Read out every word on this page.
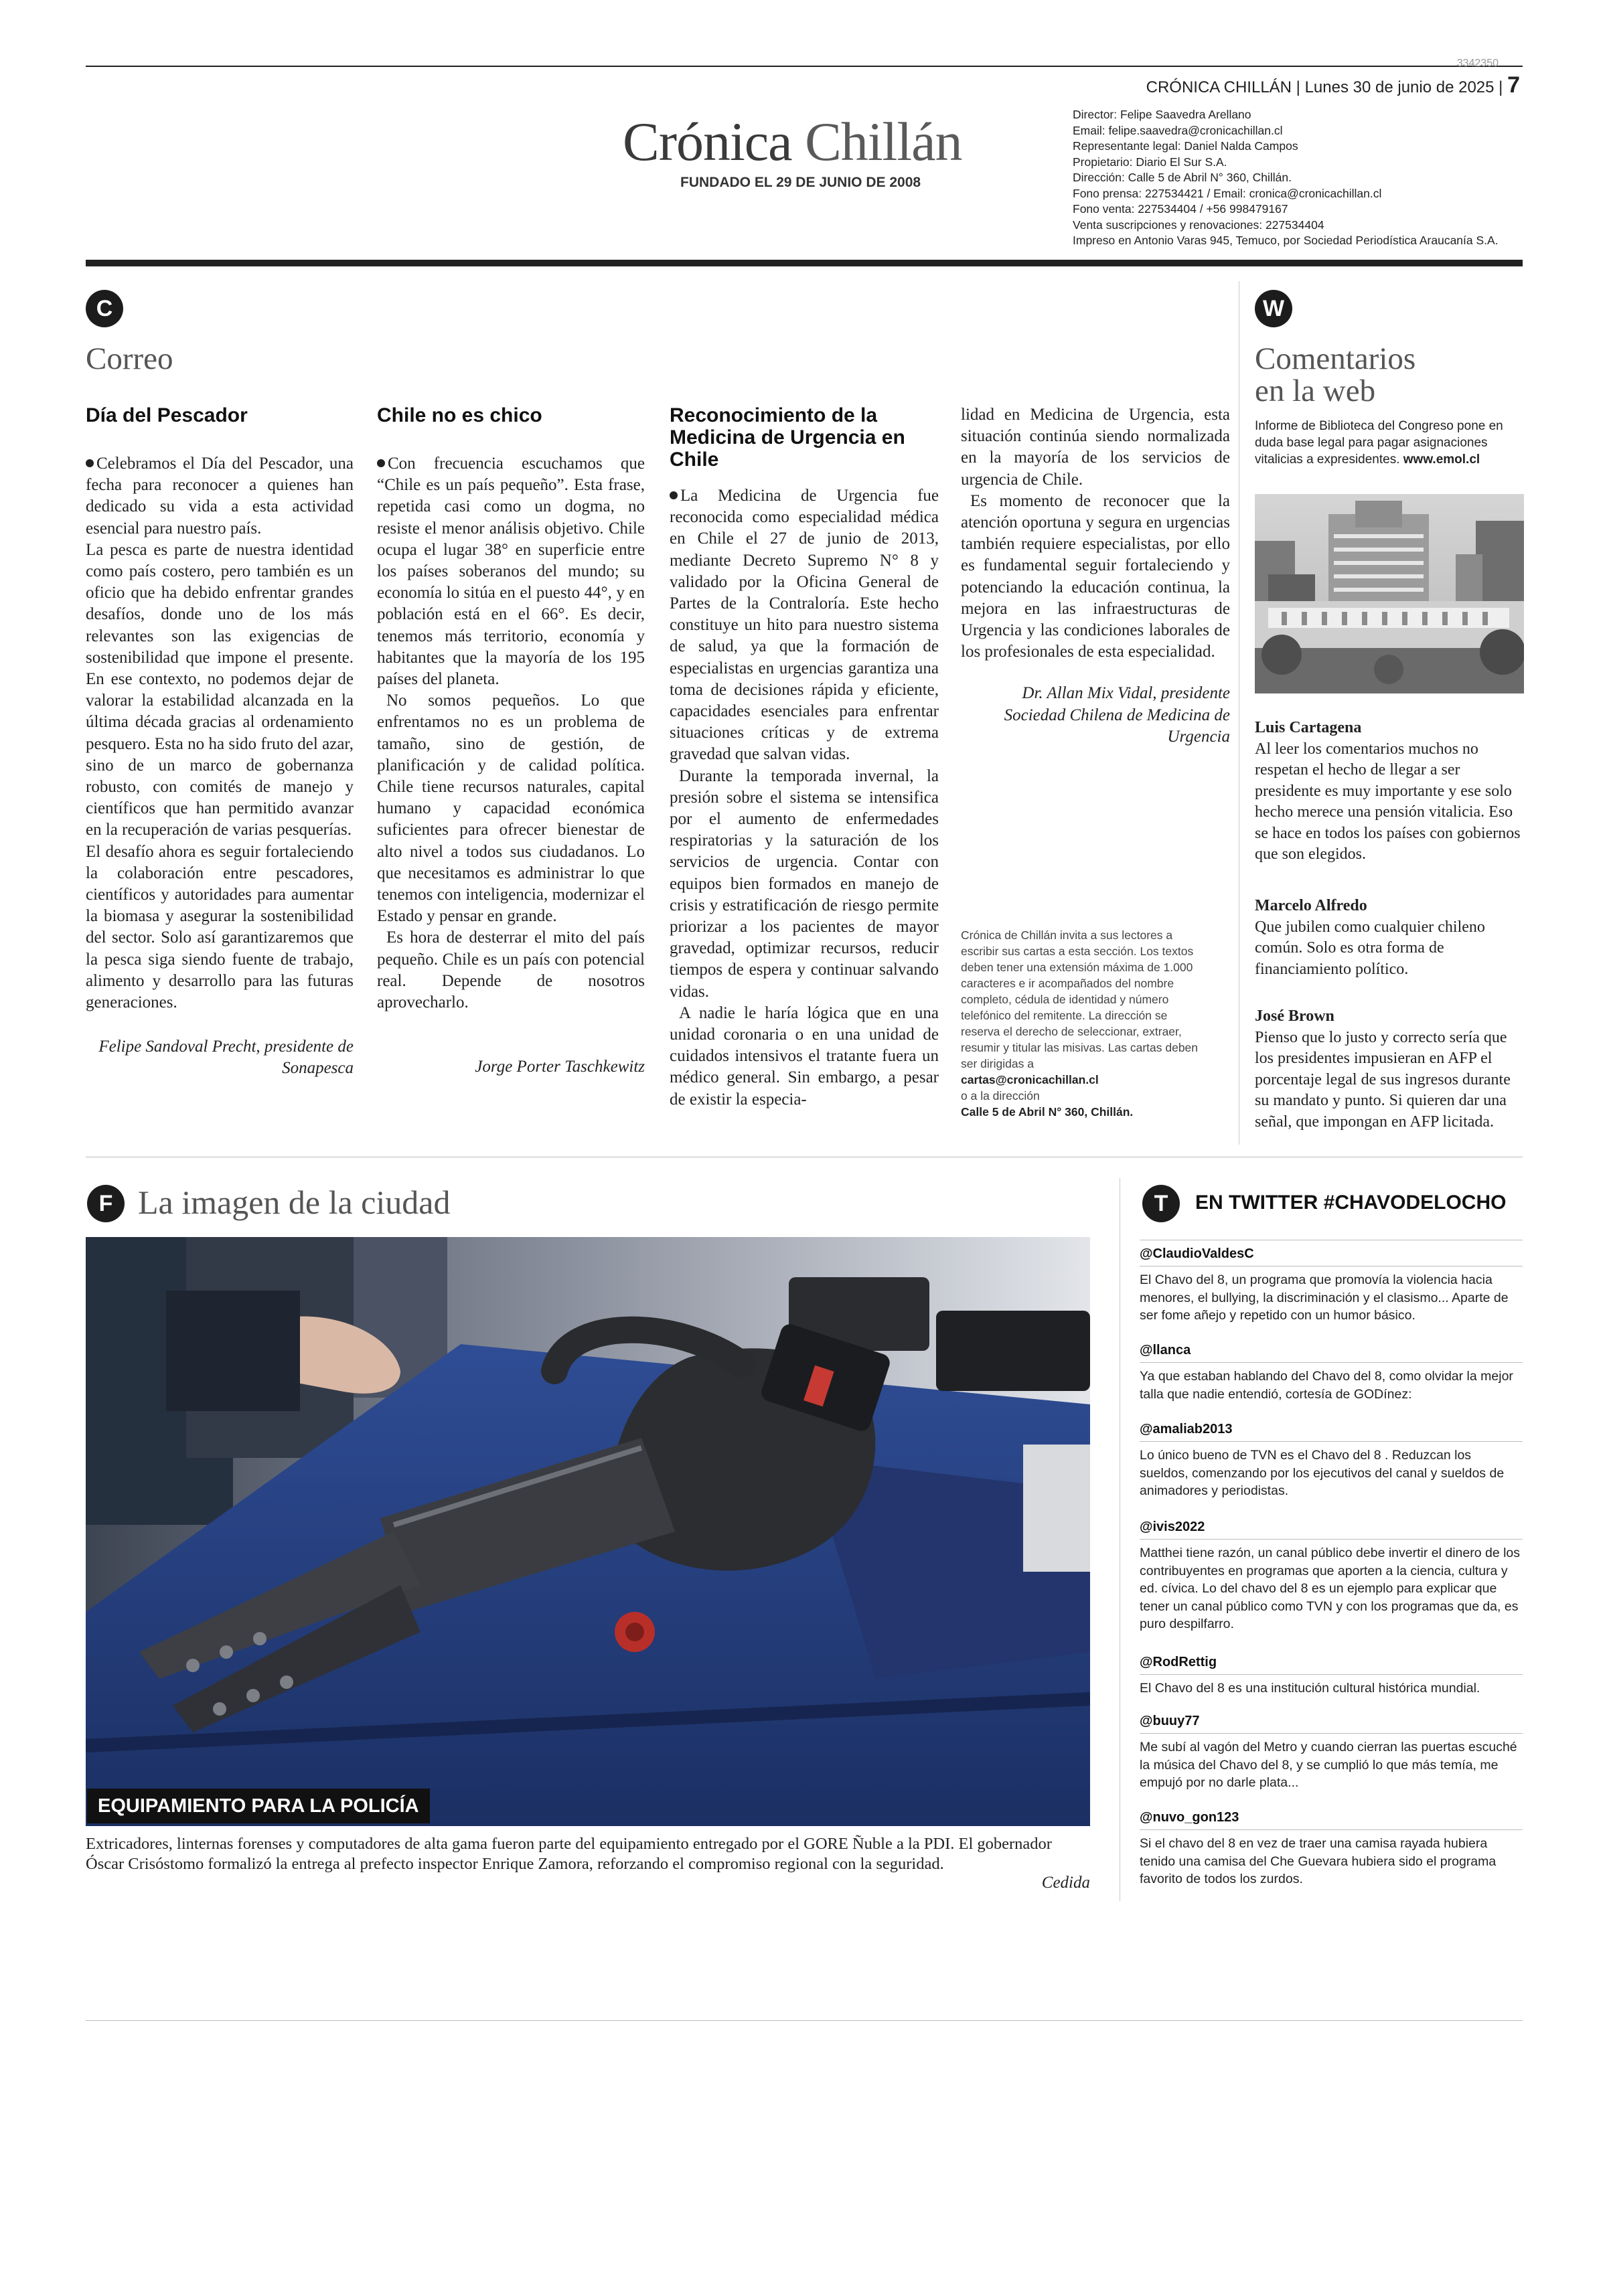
3342350
CRÓNICA CHILLÁN | Lunes 30 de junio de 2025 | 7
Crónica Chillán
FUNDADO EL 29 DE JUNIO DE 2008
Director: Felipe Saavedra Arellano
Email: felipe.saavedra@cronicachillan.cl
Representante legal: Daniel Nalda Campos
Propietario: Diario El Sur S.A.
Dirección: Calle 5 de Abril N° 360, Chillán.
Fono prensa: 227534421 / Email: cronica@cronicachillan.cl
Fono venta: 227534404 / +56 998479167
Venta suscripciones y renovaciones: 227534404
Impreso en Antonio Varas 945, Temuco, por Sociedad Periodística Araucanía S.A.
C
Correo
Día del Pescador

Celebramos el Día del Pescador, una fecha para reconocer a quienes han dedicado su vida a esta actividad esencial para nuestro país.

La pesca es parte de nuestra identidad como país costero, pero también es un oficio que ha debido enfrentar grandes desafíos, donde uno de los más relevantes son las exigencias de sostenibilidad que impone el presente. En ese contexto, no podemos dejar de valorar la estabilidad alcanzada en la última década gracias al ordenamiento pesquero. Esta no ha sido fruto del azar, sino de un marco de gobernanza robusto, con comités de manejo y científicos que han permitido avanzar en la recuperación de varias pesquerías.

El desafío ahora es seguir fortaleciendo la colaboración entre pescadores, científicos y autoridades para aumentar la biomasa y asegurar la sostenibilidad del sector. Solo así garantizaremos que la pesca siga siendo fuente de trabajo, alimento y desarrollo para las futuras generaciones.

Felipe Sandoval Precht, presidente de Sonapesca

Chile no es chico

Con frecuencia escuchamos que “Chile es un país pequeño”. Esta frase, repetida casi como un dogma, no resiste el menor análisis objetivo. Chile ocupa el lugar 38° en superficie entre los países soberanos del mundo; su economía lo sitúa en el puesto 44°, y en población está en el 66°. Es decir, tenemos más territorio, economía y habitantes que la mayoría de los 195 países del planeta.

No somos pequeños. Lo que enfrentamos no es un problema de tamaño, sino de gestión, de planificación y de calidad política. Chile tiene recursos naturales, capital humano y capacidad económica suficientes para ofrecer bienestar de alto nivel a todos sus ciudadanos. Lo que necesitamos es administrar lo que tenemos con inteligencia, modernizar el Estado y pensar en grande.

Es hora de desterrar el mito del país pequeño. Chile es un país con potencial real. Depende de nosotros aprovecharlo.

Jorge Porter Taschkewitz

Reconocimiento de la Medicina de Urgencia en Chile

La Medicina de Urgencia fue reconocida como especialidad médica en Chile el 27 de junio de 2013, mediante Decreto Supremo N° 8 y validado por la Oficina General de Partes de la Contraloría. Este hecho constituye un hito para nuestro sistema de salud, ya que la formación de especialistas en urgencias garantiza una toma de decisiones rápida y eficiente, capacidades esenciales para enfrentar situaciones críticas y de extrema gravedad que salvan vidas.

Durante la temporada invernal, la presión sobre el sistema se intensifica por el aumento de enfermedades respiratorias y la saturación de los servicios de urgencia. Contar con equipos bien formados en manejo de crisis y estratificación de riesgo permite priorizar a los pacientes de mayor gravedad, optimizar recursos, reducir tiempos de espera y continuar salvando vidas.

A nadie le haría lógica que en una unidad coronaria o en una unidad de cuidados intensivos el tratante fuera un médico general. Sin embargo, a pesar de existir la especia-

lidad en Medicina de Urgencia, esta situación continúa siendo normalizada en la mayoría de los servicios de urgencia de Chile.

Es momento de reconocer que la atención oportuna y segura en urgencias también requiere especialistas, por ello es fundamental seguir fortaleciendo y potenciando la educación continua, la mejora en las infraestructuras de Urgencia y las condiciones laborales de los profesionales de esta especialidad.

Dr. Allan Mix Vidal, presidente Sociedad Chilena de Medicina de Urgencia

Crónica de Chillán invita a sus lectores a escribir sus cartas a esta sección. Los textos deben tener una extensión máxima de 1.000 caracteres e ir acompañados del nombre completo, cédula de identidad y número telefónico del remitente. La dirección se reserva el derecho de seleccionar, extraer, resumir y titular las misivas. Las cartas deben ser dirigidas a
cartas@cronicachillan.cl
o a la dirección
Calle 5 de Abril N° 360, Chillán.
W
Comentarios
en la web
Informe de Biblioteca del Congreso pone en duda base legal para pagar asignaciones vitalicias a expresidentes. www.emol.cl
Luis Cartagena
Al leer los comentarios muchos no respetan el hecho de llegar a ser presidente es muy importante y ese solo hecho merece una pensión vitalicia. Eso se hace en todos los países con gobiernos que son elegidos.
Marcelo Alfredo
Que jubilen como cualquier chileno común. Solo es otra forma de financiamiento político.
José Brown
Pienso que lo justo y correcto sería que los presidentes impusieran en AFP el porcentaje legal de sus ingresos durante su mandato y punto. Si quieren dar una señal, que impongan en AFP licitada.
F La imagen de la ciudad
EQUIPAMIENTO PARA LA POLICÍA
Extricadores, linternas forenses y computadores de alta gama fueron parte del equipamiento entregado por el GORE Ñuble a la PDI. El gobernador Óscar Crisóstomo formalizó la entrega al prefecto inspector Enrique Zamora, reforzando el compromiso regional con la seguridad.
Cedida
T	EN TWITTER #CHAVODELOCHO
@ClaudioValdesC
El Chavo del 8, un programa que promovía la violencia hacia menores, el bullying, la discriminación y el clasismo... Aparte de ser fome añejo y repetido con un humor básico.
@llanca
Ya que estaban hablando del Chavo del 8, como olvidar la mejor talla que nadie entendió, cortesía de GODínez:
@amaliab2013
Lo único bueno de TVN es el Chavo del 8 . Reduzcan los sueldos, comenzando por los ejecutivos del canal y sueldos de animadores y periodistas.
@ivis2022
Matthei tiene razón, un canal público debe invertir el dinero de los contribuyentes en programas que aporten a la ciencia, cultura y ed. cívica. Lo del chavo del 8 es un ejemplo para explicar que tener un canal público como TVN y con los programas que da, es puro despilfarro.
@RodRettig
El Chavo del 8 es una institución cultural histórica mundial.
@buuy77
Me subí al vagón del Metro y cuando cierran las puertas escuché la música del Chavo del 8, y se cumplió lo que más temía, me empujó por no darle plata...
@nuvo_gon123
Si el chavo del 8 en vez de traer una camisa rayada hubiera tenido una camisa del Che Guevara hubiera sido el programa favorito de todos los zurdos.
